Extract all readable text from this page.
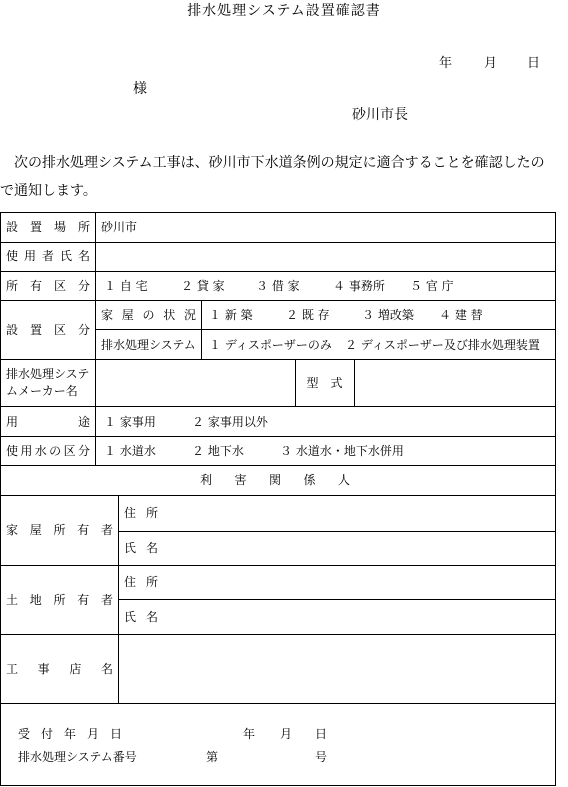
排水処理システム設置確認書
年 月 日
様
砂川市長
次の排水処理システム工事は、砂川市下水道条例の規定に適合することを確認したの
で通知します。
設 置 場 所 砂川市
使 用 者 氏 名
所 有 区 分 １ 自 宅	２ 貸 家	３ 借 家	４ 事務所 ５ 官 庁
設 置 区 分
家 屋 の 状 況 １ 新 築	２ 既 存	３ 増改築 ４ 建 替
排水処理システム １ ディスポーザーのみ ２ ディスポーザー及び排水処理装置
排水処理システ
ムメーカー名
型　式
用	途 １ 家事用	２ 家事用以外
使 用 水 の 区 分 １ 水道水	２ 地下水	３ 水道水・地下水併用
利 害 関 係 人
家 屋 所 有 者
住 所
氏 名
土 地 所 有 者
住 所
氏 名
工 事 店 名
受 付 年 月 日	年 月 日
排水処理システム番号	第	号
